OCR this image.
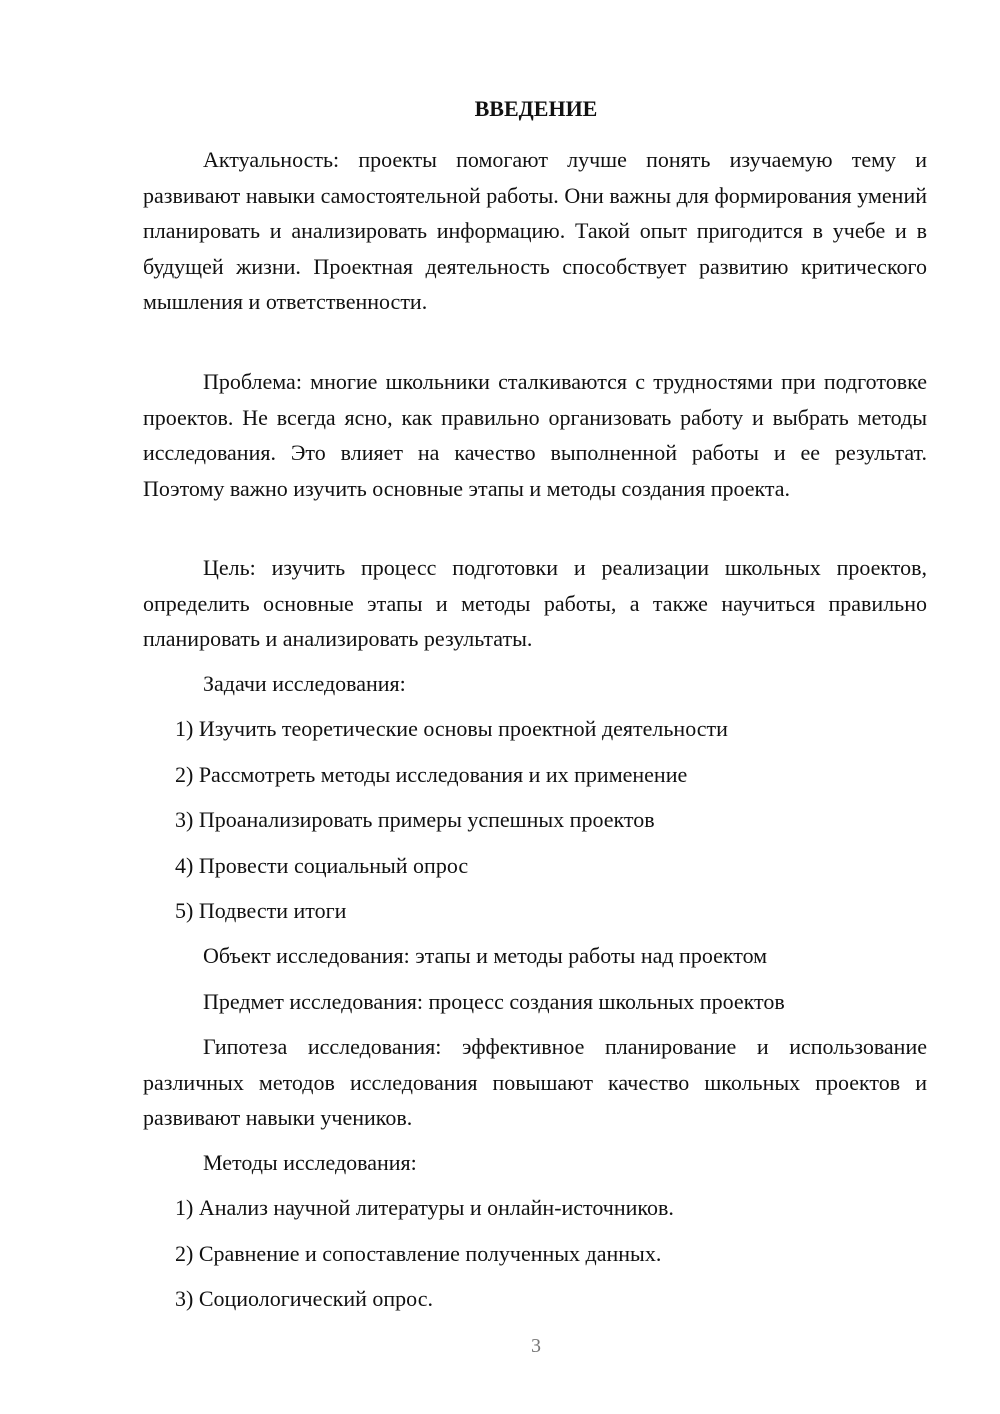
ВВЕДЕНИЕ

Актуальность: проекты помогают лучше понять изучаемую тему и развивают навыки самостоятельной работы. Они важны для формирования умений планировать и анализировать информацию. Такой опыт пригодится в учебе и в будущей жизни. Проектная деятельность способствует развитию критического мышления и ответственности.

Проблема: многие школьники сталкиваются с трудностями при подготовке проектов. Не всегда ясно, как правильно организовать работу и выбрать методы исследования. Это влияет на качество выполненной работы и ее результат. Поэтому важно изучить основные этапы и методы создания проекта.

Цель: изучить процесс подготовки и реализации школьных проектов, определить основные этапы и методы работы, а также научиться правильно планировать и анализировать результаты.

Задачи исследования:

1) Изучить теоретические основы проектной деятельности

2) Рассмотреть методы исследования и их применение

3) Проанализировать примеры успешных проектов

4) Провести социальный опрос

5) Подвести итоги

Объект исследования: этапы и методы работы над проектом

Предмет исследования: процесс создания школьных проектов

Гипотеза исследования: эффективное планирование и использование различных методов исследования повышают качество школьных проектов и развивают навыки учеников.

Методы исследования:

1) Анализ научной литературы и онлайн-источников.

2) Сравнение и сопоставление полученных данных.

3) Социологический опрос.

3
